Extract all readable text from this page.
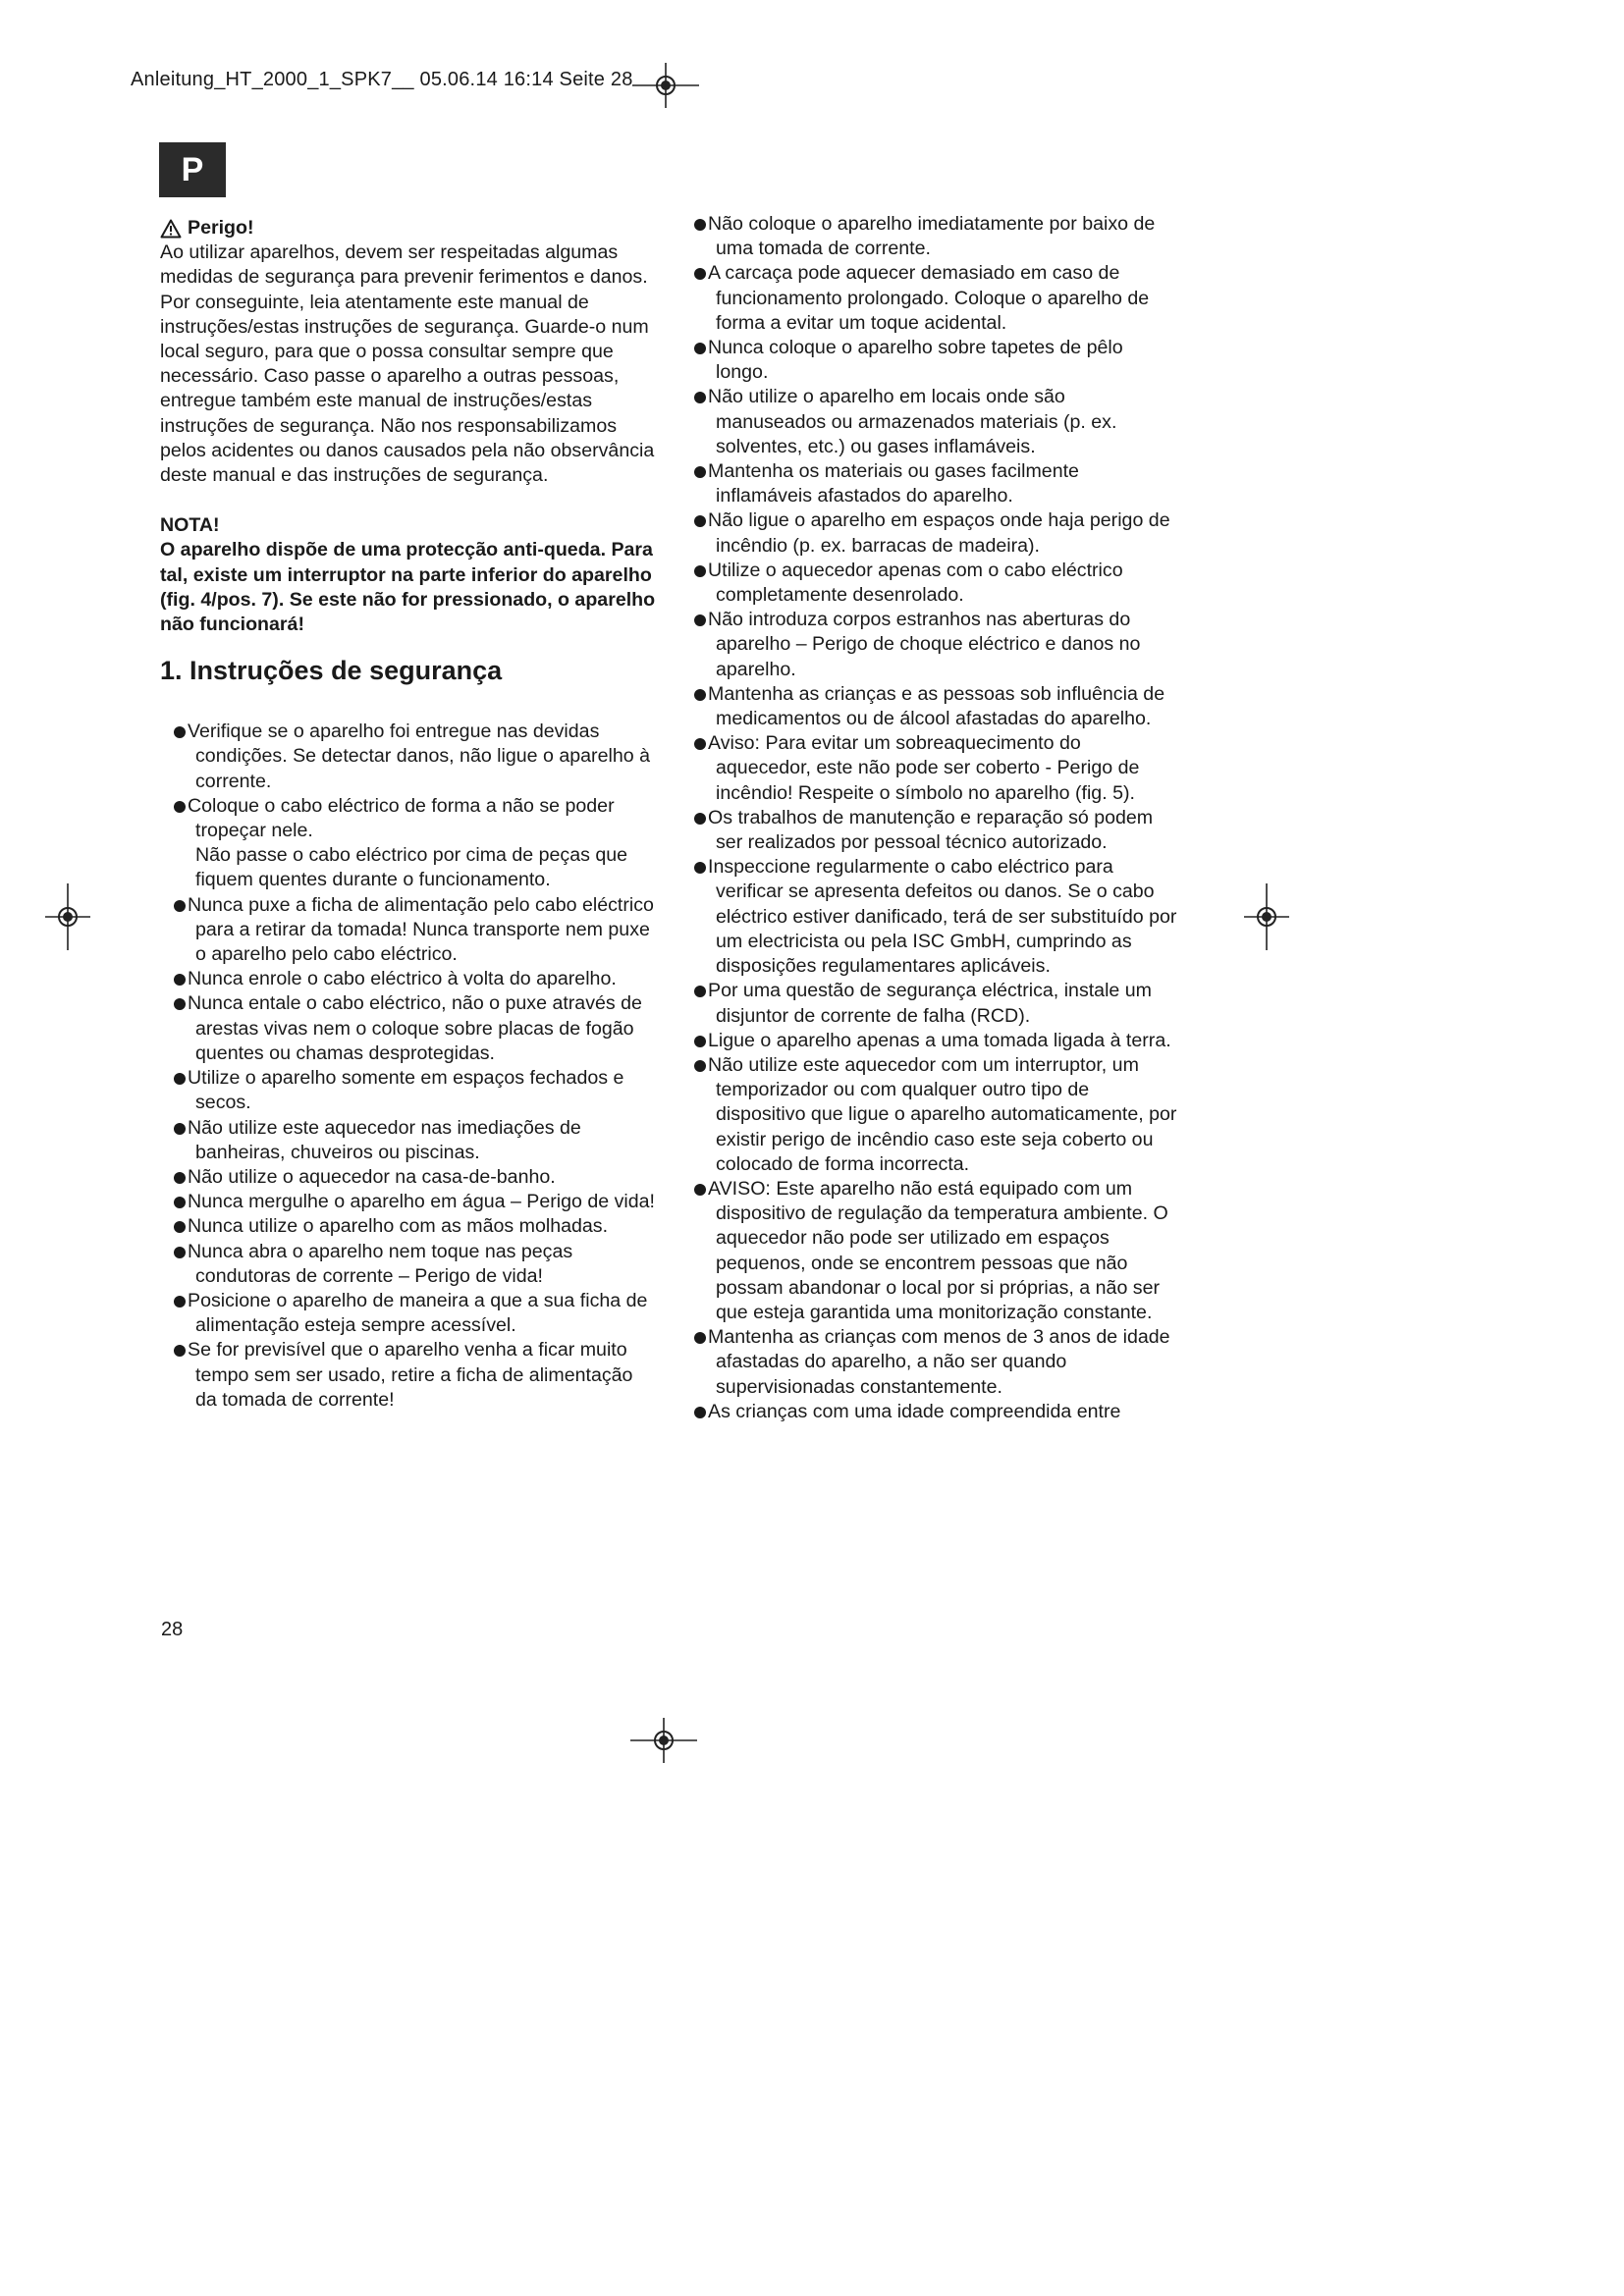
Anleitung_HT_2000_1_SPK7__ 05.06.14 16:14 Seite 28
P
Perigo!

Ao utilizar aparelhos, devem ser respeitadas algumas medidas de segurança para prevenir ferimentos e danos. Por conseguinte, leia atentamente este manual de instruções/estas instruções de segurança. Guarde-o num local seguro, para que o possa consultar sempre que necessário. Caso passe o aparelho a outras pessoas, entregue também este manual de instruções/estas instruções de segurança. Não nos responsabilizamos pelos acidentes ou danos causados pela não observância deste manual e das instruções de segurança.

NOTA!

O aparelho dispõe de uma protecção anti-queda. Para tal, existe um interruptor na parte inferior do aparelho (fig. 4/pos. 7). Se este não for pressionado, o aparelho não funcionará!

1. Instruções de segurança
Verifique se o aparelho foi entregue nas devidas condições. Se detectar danos, não ligue o aparelho à corrente.
Coloque o cabo eléctrico de forma a não se poder tropeçar nele.
Não passe o cabo eléctrico por cima de peças que fiquem quentes durante o funcionamento.
Nunca puxe a ficha de alimentação pelo cabo eléctrico para a retirar da tomada! Nunca transporte nem puxe o aparelho pelo cabo eléctrico.
Nunca enrole o cabo eléctrico à volta do aparelho.
Nunca entale o cabo eléctrico, não o puxe através de arestas vivas nem o coloque sobre placas de fogão quentes ou chamas desprotegidas.
Utilize o aparelho somente em espaços fechados e secos.
Não utilize este aquecedor nas imediações de banheiras, chuveiros ou piscinas.
Não utilize o aquecedor na casa-de-banho.
Nunca mergulhe o aparelho em água – Perigo de vida!
Nunca utilize o aparelho com as mãos molhadas.
Nunca abra o aparelho nem toque nas peças condutoras de corrente – Perigo de vida!
Posicione o aparelho de maneira a que a sua ficha de alimentação esteja sempre acessível.
Se for previsível que o aparelho venha a ficar muito tempo sem ser usado, retire a ficha de alimentação da tomada de corrente!
Não coloque o aparelho imediatamente por baixo de uma tomada de corrente.
A carcaça pode aquecer demasiado em caso de funcionamento prolongado. Coloque o aparelho de forma a evitar um toque acidental.
Nunca coloque o aparelho sobre tapetes de pêlo longo.
Não utilize o aparelho em locais onde são manuseados ou armazenados materiais (p. ex. solventes, etc.) ou gases inflamáveis.
Mantenha os materiais ou gases facilmente inflamáveis afastados do aparelho.
Não ligue o aparelho em espaços onde haja perigo de incêndio (p. ex. barracas de madeira).
Utilize o aquecedor apenas com o cabo eléctrico completamente desenrolado.
Não introduza corpos estranhos nas aberturas do aparelho – Perigo de choque eléctrico e danos no aparelho.
Mantenha as crianças e as pessoas sob influência de medicamentos ou de álcool afastadas do aparelho.
Aviso: Para evitar um sobreaquecimento do aquecedor, este não pode ser coberto - Perigo de incêndio! Respeite o símbolo no aparelho (fig. 5).
Os trabalhos de manutenção e reparação só podem ser realizados por pessoal técnico autorizado.
Inspeccione regularmente o cabo eléctrico para verificar se apresenta defeitos ou danos. Se o cabo eléctrico estiver danificado, terá de ser substituído por um electricista ou pela ISC GmbH, cumprindo as disposições regulamentares aplicáveis.
Por uma questão de segurança eléctrica, instale um disjuntor de corrente de falha (RCD).
Ligue o aparelho apenas a uma tomada ligada à terra.
Não utilize este aquecedor com um interruptor, um temporizador ou com qualquer outro tipo de dispositivo que ligue o aparelho automaticamente, por existir perigo de incêndio caso este seja coberto ou colocado de forma incorrecta.
AVISO: Este aparelho não está equipado com um dispositivo de regulação da temperatura ambiente. O aquecedor não pode ser utilizado em espaços pequenos, onde se encontrem pessoas que não possam abandonar o local por si próprias, a não ser que esteja garantida uma monitorização constante.
Mantenha as crianças com menos de 3 anos de idade afastadas do aparelho, a não ser quando supervisionadas constantemente.
As crianças com uma idade compreendida entre
28
